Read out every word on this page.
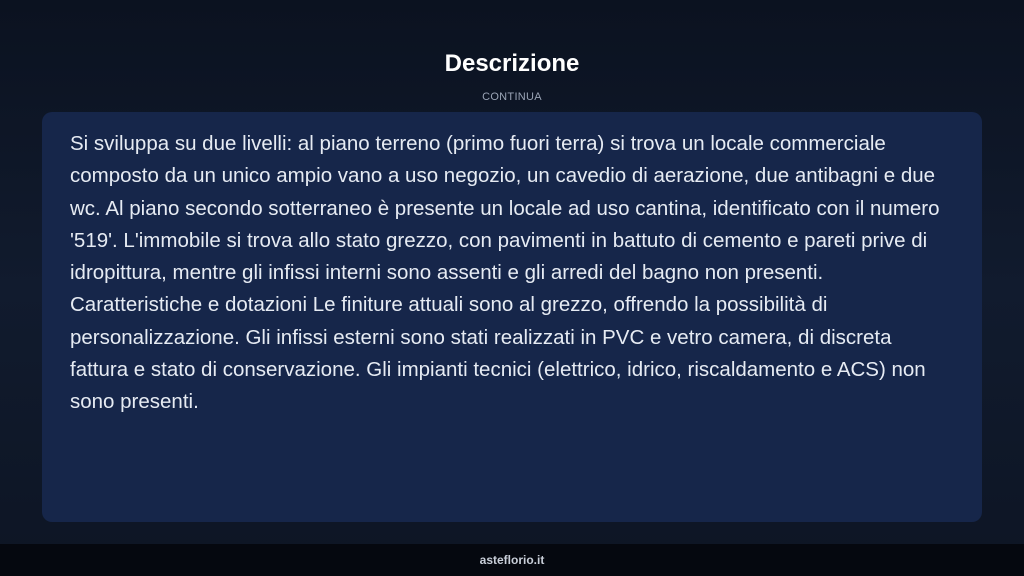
Descrizione
CONTINUA

Si sviluppa su due livelli: al piano terreno (primo fuori terra) si trova un locale commerciale composto da un unico ampio vano a uso negozio, un cavedio di aerazione, due antibagni e due wc. Al piano secondo sotterraneo è presente un locale ad uso cantina, identificato con il numero '519'. L'immobile si trova allo stato grezzo, con pavimenti in battuto di cemento e pareti prive di idropittura, mentre gli infissi interni sono assenti e gli arredi del bagno non presenti. Caratteristiche e dotazioni Le finiture attuali sono al grezzo, offrendo la possibilità di personalizzazione. Gli infissi esterni sono stati realizzati in PVC e vetro camera, di discreta fattura e stato di conservazione. Gli impianti tecnici (elettrico, idrico, riscaldamento e ACS) non sono presenti.

asteflorio.it
